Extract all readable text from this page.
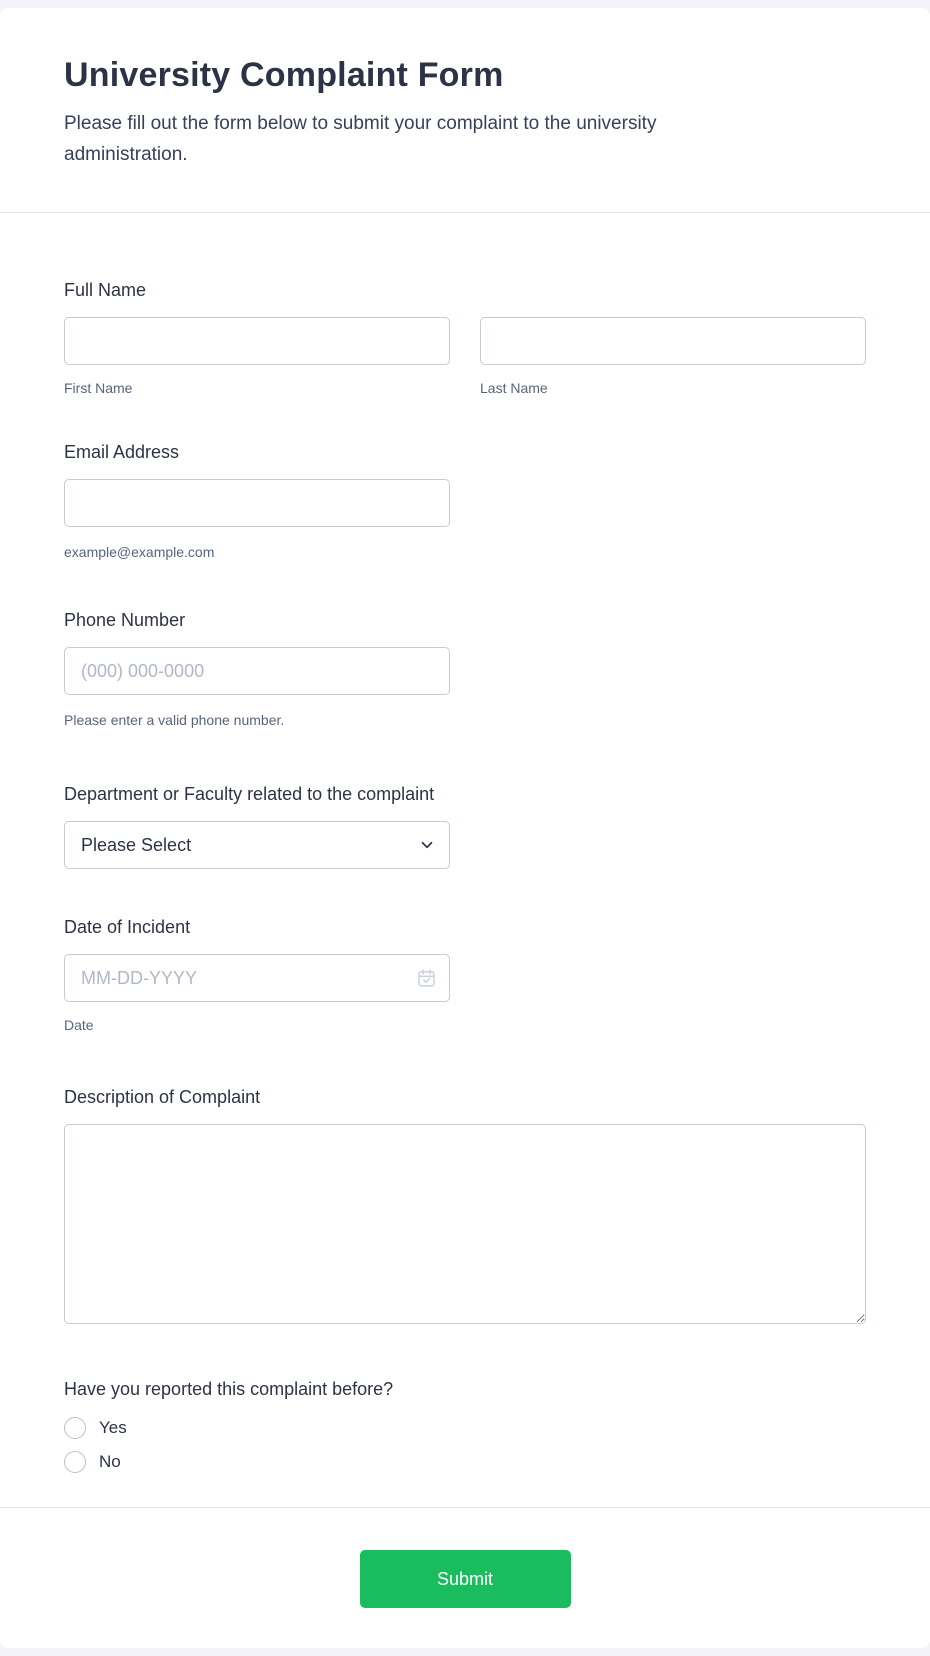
University Complaint Form

Please fill out the form below to submit your complaint to the university administration.

Full Name
First Name	Last Name
Email Address
example@example.com
Phone Number
(000) 000-0000
Please enter a valid phone number.
Department or Faculty related to the complaint
Please Select
Date of Incident
MM-DD-YYYY
Date
Description of Complaint
Have you reported this complaint before?
Yes
No
Submit
